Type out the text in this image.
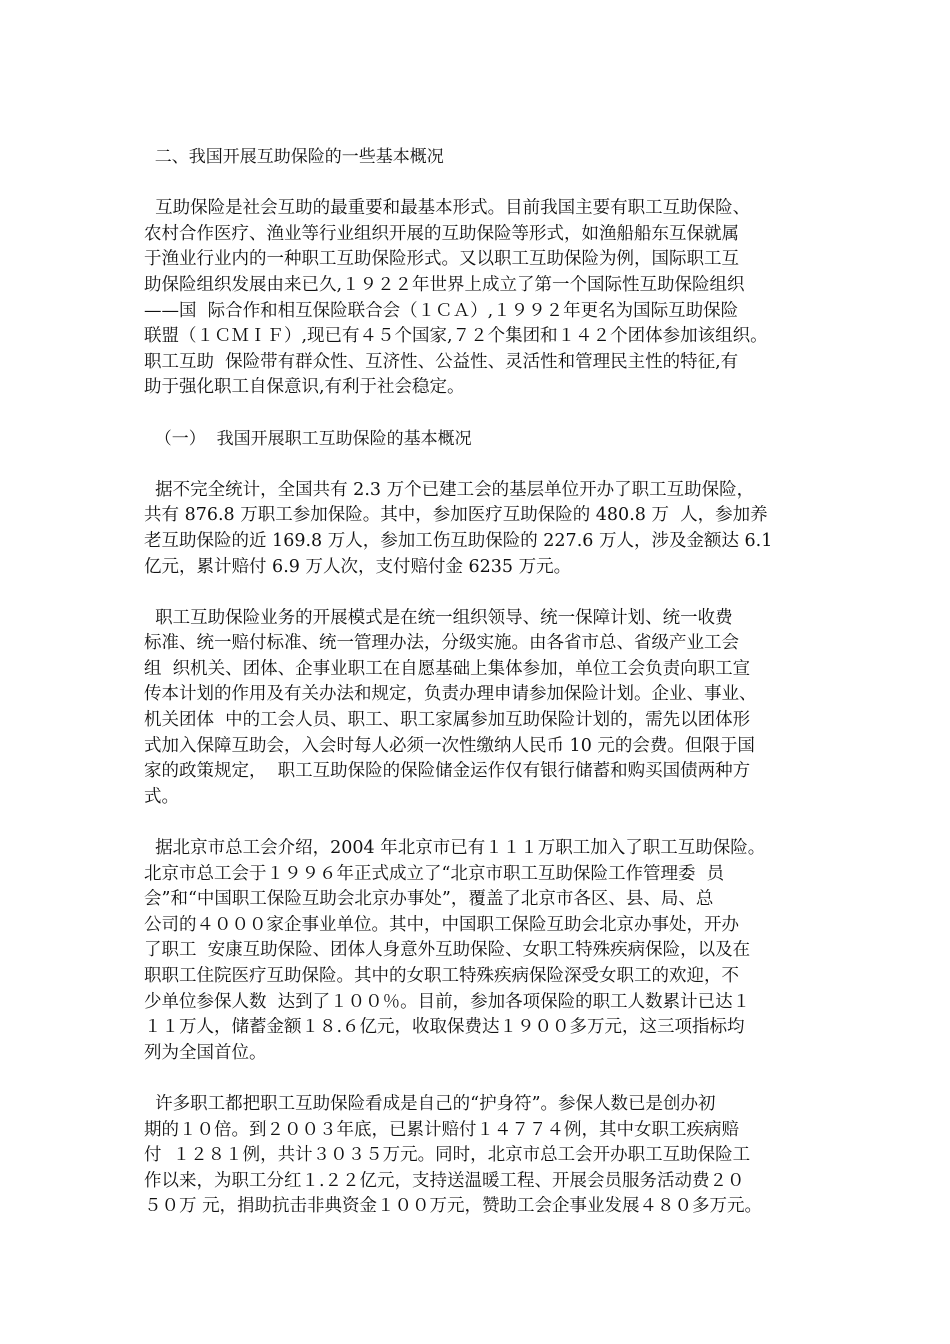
二、我国开展互助保险的一些基本概况
互助保险是社会互助的最重要和最基本形式。目前我国主要有职工互助保险、
农村合作医疗、渔业等行业组织开展的互助保险等形式，如渔船船东互保就属
于渔业行业内的一种职工互助保险形式。又以职工互助保险为例，国际职工互
助保险组织发展由来已久,１９２２年世界上成立了第一个国际性互助保险组织
——国  际合作和相互保险联合会（１ＣＡ）,１９９２年更名为国际互助保险
联盟（１ＣＭＩＦ）,现已有４５个国家,７２个集团和１４２个团体参加该组织。
职工互助  保险带有群众性、互济性、公益性、灵活性和管理民主性的特征,有
助于强化职工自保意识,有利于社会稳定。
（一）  我国开展职工互助保险的基本概况
据不完全统计，全国共有 2.3 万个已建工会的基层单位开办了职工互助保险，
共有 876.8 万职工参加保险。其中，参加医疗互助保险的 480.8 万  人，参加养
老互助保险的近 169.8 万人，参加工伤互助保险的 227.6 万人，涉及金额达 6.1
亿元，累计赔付 6.9 万人次，支付赔付金 6235 万元。
职工互助保险业务的开展模式是在统一组织领导、统一保障计划、统一收费
标准、统一赔付标准、统一管理办法，分级实施。由各省市总、省级产业工会
组  织机关、团体、企事业职工在自愿基础上集体参加，单位工会负责向职工宣
传本计划的作用及有关办法和规定，负责办理申请参加保险计划。企业、事业、
机关团体  中的工会人员、职工、职工家属参加互助保险计划的，需先以团体形
式加入保障互助会，入会时每人必须一次性缴纳人民币 10 元的会费。但限于国
家的政策规定，  职工互助保险的保险储金运作仅有银行储蓄和购买国债两种方
式。
据北京市总工会介绍，2004 年北京市已有１１１万职工加入了职工互助保险。
北京市总工会于１９９６年正式成立了“北京市职工互助保险工作管理委  员
会”和“中国职工保险互助会北京办事处”，覆盖了北京市各区、县、局、总
公司的４０００家企事业单位。其中，中国职工保险互助会北京办事处，开办
了职工  安康互助保险、团体人身意外互助保险、女职工特殊疾病保险，以及在
职职工住院医疗互助保险。其中的女职工特殊疾病保险深受女职工的欢迎，不
少单位参保人数  达到了１００％。目前，参加各项保险的职工人数累计已达１
１１万人，储蓄金额１８.６亿元，收取保费达１９００多万元，这三项指标均
列为全国首位。
许多职工都把职工互助保险看成是自己的“护身符”。参保人数已是创办初
期的１０倍。到２００３年底，已累计赔付１４７７４例，其中女职工疾病赔
付  １２８１例，共计３０３５万元。同时，北京市总工会开办职工互助保险工
作以来，为职工分红１.２２亿元，支持送温暖工程、开展会员服务活动费２０
５０万 元，捐助抗击非典资金１００万元，赞助工会企事业发展４８０多万元。
